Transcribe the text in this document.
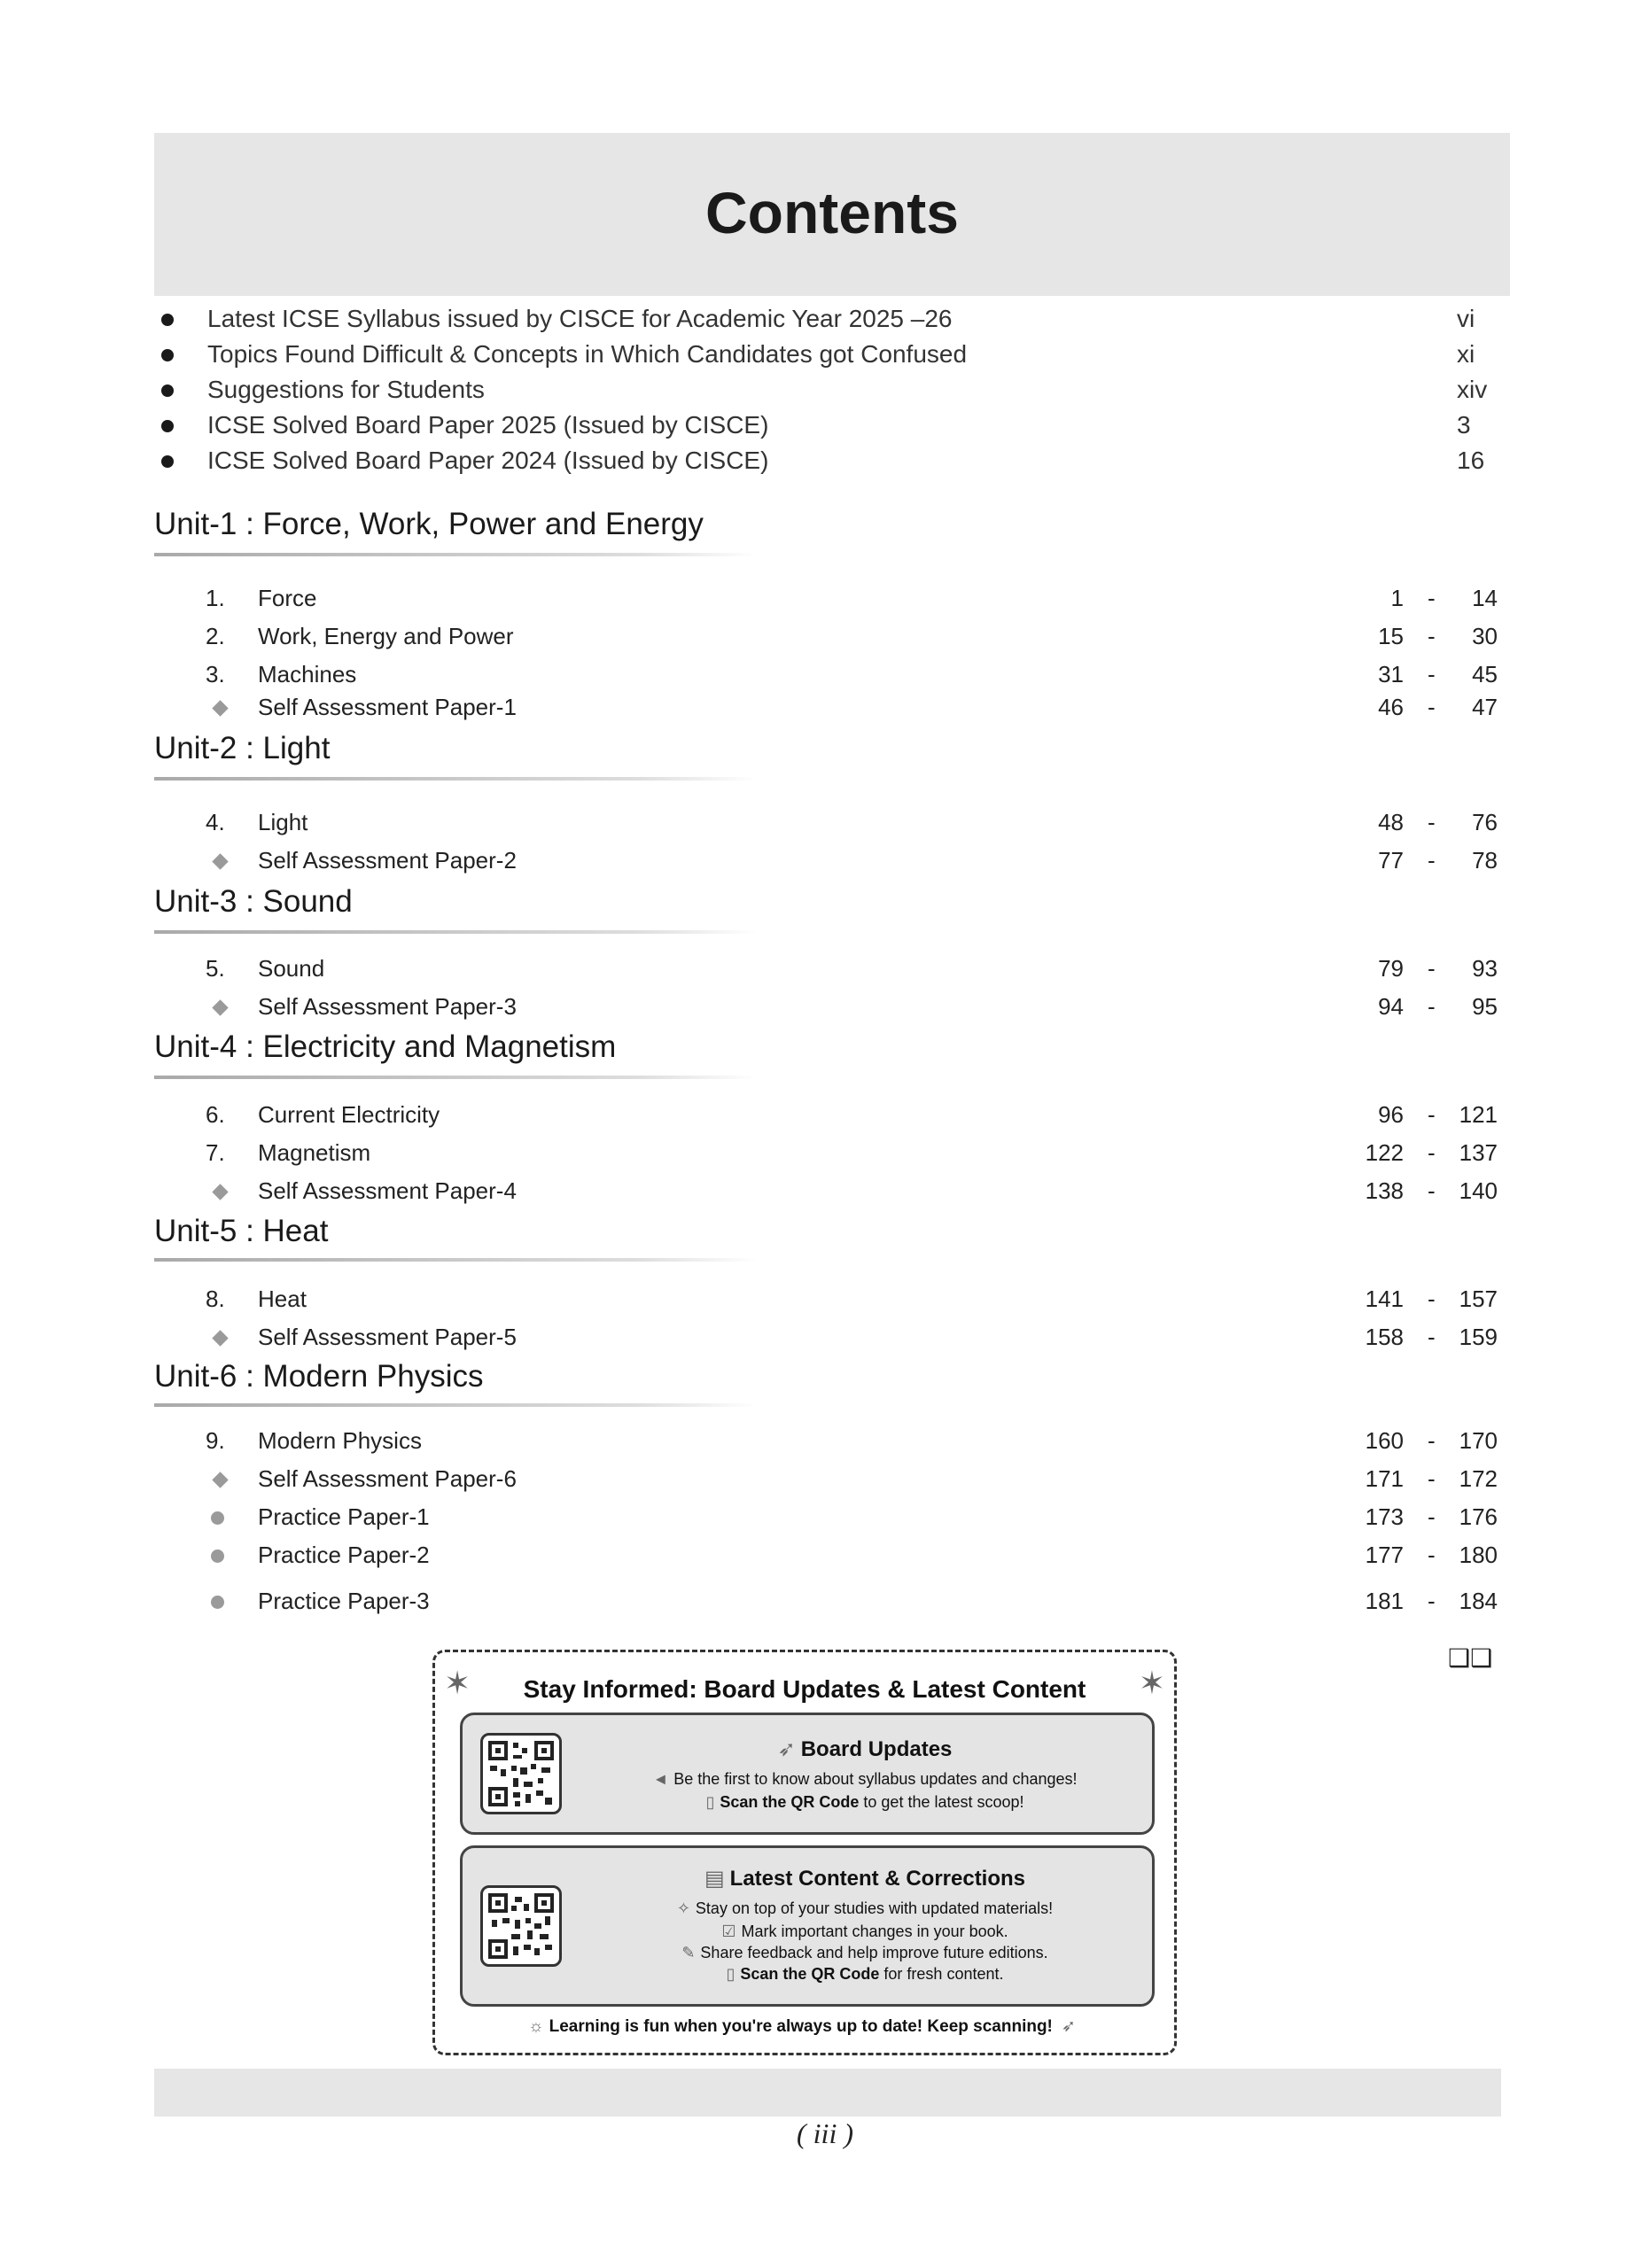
Contents
Latest ICSE Syllabus issued by CISCE for Academic Year 2025 –26	vi
Topics Found Difficult & Concepts in Which Candidates got Confused	xi
Suggestions for Students	xiv
ICSE Solved Board Paper 2025 (Issued by CISCE)	3
ICSE Solved Board Paper 2024 (Issued by CISCE)	16
Unit-1 : Force, Work, Power and Energy
1. Force	1 - 14
2. Work, Energy and Power	15 - 30
3. Machines	31 - 45
Self Assessment Paper-1	46 - 47
Unit-2 : Light
4. Light	48 - 76
Self Assessment Paper-2	77 - 78
Unit-3 : Sound
5. Sound	79 - 93
Self Assessment Paper-3	94 - 95
Unit-4 : Electricity and Magnetism
6. Current Electricity	96 - 121
7. Magnetism	122 - 137
Self Assessment Paper-4	138 - 140
Unit-5 : Heat
8. Heat	141 - 157
Self Assessment Paper-5	158 - 159
Unit-6 : Modern Physics
9. Modern Physics	160 - 170
Self Assessment Paper-6	171 - 172
Practice Paper-1	173 - 176
Practice Paper-2	177 - 180
Practice Paper-3	181 - 184
❑❑
✶	✶
Stay Informed: Board Updates & Latest Content
➶ Board Updates
◄ Be the first to know about syllabus updates and changes!
▯ Scan the QR Code to get the latest scoop!
▤ Latest Content & Corrections
✧ Stay on top of your studies with updated materials!
☑ Mark important changes in your book.
✎ Share feedback and help improve future editions.
▯ Scan the QR Code for fresh content.
☼ Learning is fun when you're always up to date! Keep scanning! ➶
( iii )
